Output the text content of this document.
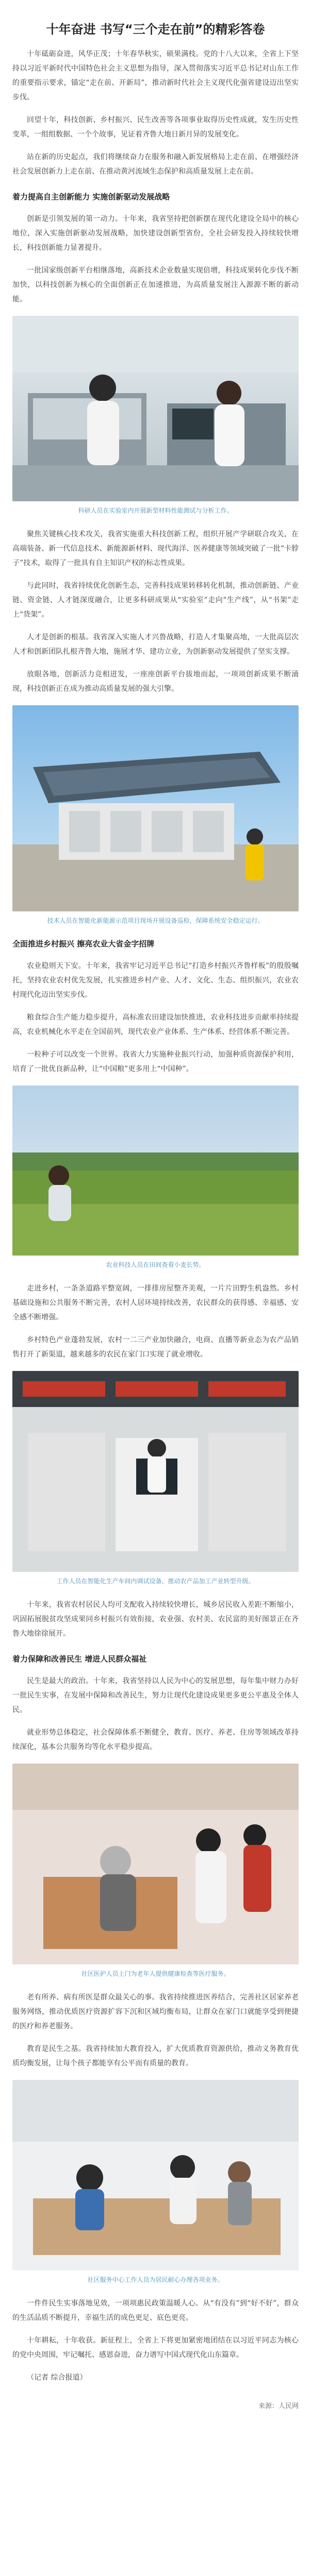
十年奋进 书写“三个走在前”的精彩答卷

十年砥砺奋进，风华正茂；十年春华秋实，硕果满枝。党的十八大以来，全省上下坚持以习近平新时代中国特色社会主义思想为指导，深入贯彻落实习近平总书记对山东工作的重要指示要求，锚定“走在前、开新局”，推动新时代社会主义现代化强省建设迈出坚实步伐。

回望十年，科技创新、乡村振兴、民生改善等各项事业取得历史性成就，发生历史性变革，一组组数据、一个个故事，见证着齐鲁大地日新月异的发展变化。

站在新的历史起点，我们将继续奋力在服务和融入新发展格局上走在前、在增强经济社会发展创新力上走在前、在推动黄河流域生态保护和高质量发展上走在前。

着力提高自主创新能力 实施创新驱动发展战略

创新是引领发展的第一动力。十年来，我省坚持把创新摆在现代化建设全局中的核心地位，深入实施创新驱动发展战略，加快建设创新型省份，全社会研发投入持续较快增长，科技创新能力显著提升。

一批国家级创新平台相继落地，高新技术企业数量实现倍增，科技成果转化步伐不断加快，以科技创新为核心的全面创新正在加速推进，为高质量发展注入源源不断的新动能。

科研人员在实验室内开展新型材料性能测试与分析工作。

聚焦关键核心技术攻关，我省实施重大科技创新工程，组织开展产学研联合攻关，在高端装备、新一代信息技术、新能源新材料、现代海洋、医养健康等领域突破了一批“卡脖子”技术，取得了一批具有自主知识产权的标志性成果。

与此同时，我省持续优化创新生态，完善科技成果转移转化机制，推动创新链、产业链、资金链、人才链深度融合，让更多科研成果从“实验室”走向“生产线”，从“书架”走上“货架”。

人才是创新的根基。我省深入实施人才兴鲁战略，打造人才集聚高地，一大批高层次人才和创新团队扎根齐鲁大地，施展才华、建功立业，为创新驱动发展提供了坚实支撑。

放眼各地，创新活力竞相迸发，一座座创新平台拔地而起，一项项创新成果不断涌现，科技创新正在成为推动高质量发展的强大引擎。

技术人员在智能化新能源示范项目现场开展设备巡检，保障系统安全稳定运行。

全面推进乡村振兴 擦亮农业大省金字招牌

农业稳则天下安。十年来，我省牢记习近平总书记“打造乡村振兴齐鲁样板”的殷殷嘱托，坚持农业农村优先发展，扎实推进乡村产业、人才、文化、生态、组织振兴，农业农村现代化迈出坚实步伐。

粮食综合生产能力稳步提升，高标准农田建设加快推进，农业科技进步贡献率持续提高，农业机械化水平走在全国前列，现代农业产业体系、生产体系、经营体系不断完善。

一粒种子可以改变一个世界。我省大力实施种业振兴行动，加强种质资源保护利用，培育了一批优良新品种，让“中国粮”更多用上“中国种”。

农业科技人员在田间查看小麦长势。

走进乡村，一条条道路平整宽阔，一排排房屋整齐美观，一片片田野生机盎然。乡村基础设施和公共服务不断完善，农村人居环境持续改善，农民群众的获得感、幸福感、安全感不断增强。

乡村特色产业蓬勃发展，农村一二三产业加快融合，电商、直播等新业态为农产品销售打开了新渠道，越来越多的农民在家门口实现了就业增收。

工作人员在智能化生产车间内调试设备，推动农产品加工产业转型升级。

十年来，我省农村居民人均可支配收入持续较快增长，城乡居民收入差距不断缩小，巩固拓展脱贫攻坚成果同乡村振兴有效衔接，农业强、农村美、农民富的美好图景正在齐鲁大地徐徐展开。

着力保障和改善民生 增进人民群众福祉

民生是最大的政治。十年来，我省坚持以人民为中心的发展思想，每年集中财力办好一批民生实事，在发展中保障和改善民生，努力让现代化建设成果更多更公平惠及全体人民。

就业形势总体稳定，社会保障体系不断健全，教育、医疗、养老、住房等领域改革持续深化，基本公共服务均等化水平稳步提高。

社区医护人员上门为老年人提供健康检查等医疗服务。

老有所养、病有所医是群众最关心的事。我省持续推进医养结合，完善社区居家养老服务网络，推动优质医疗资源扩容下沉和区域均衡布局，让群众在家门口就能享受到便捷的医疗和养老服务。

教育是民生之基。我省持续加大教育投入，扩大优质教育资源供给，推动义务教育优质均衡发展，让每个孩子都能享有公平而有质量的教育。

社区服务中心工作人员为居民耐心办理各项业务。

一件件民生实事落地见效，一项项惠民政策温暖人心。从“有没有”到“好不好”，群众的生活品质不断提升，幸福生活的成色更足、底色更亮。

十年耕耘，十年收获。新征程上，全省上下将更加紧密地团结在以习近平同志为核心的党中央周围，牢记嘱托、感恩奋进，奋力谱写中国式现代化山东篇章。

（记者 综合报道）

来源：人民网
